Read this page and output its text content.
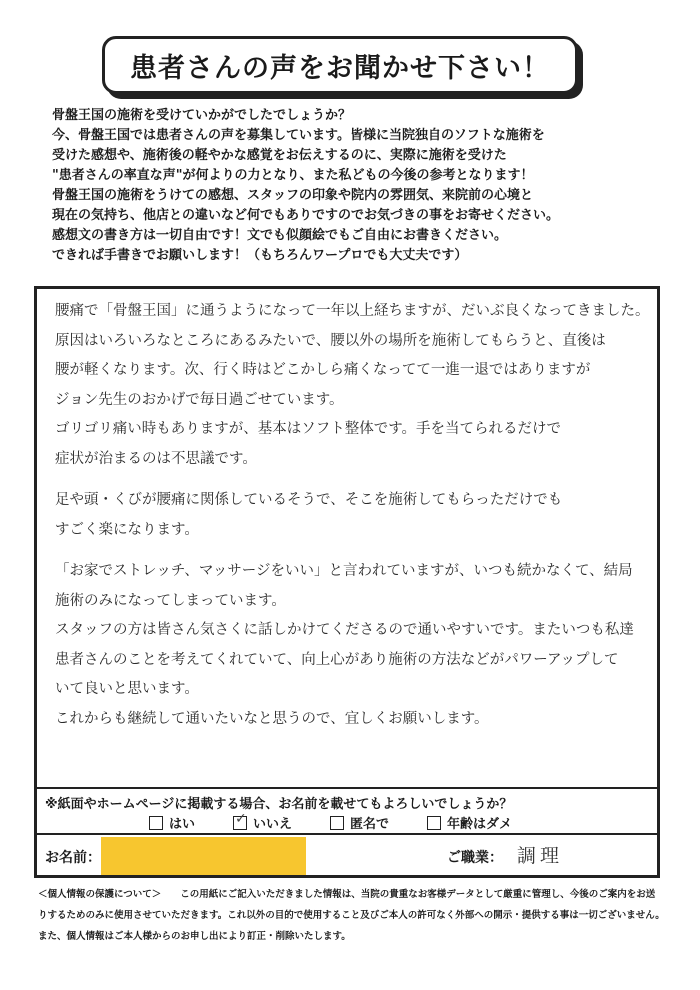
患者さんの声をお聞かせ下さい！
骨盤王国の施術を受けていかがでしたでしょうか？
今、骨盤王国では患者さんの声を募集しています。皆様に当院独自のソフトな施術を
受けた感想や、施術後の軽やかな感覚をお伝えするのに、実際に施術を受けた
"患者さんの率直な声"が何よりの力となり、また私どもの今後の参考となります！
骨盤王国の施術をうけての感想、スタッフの印象や院内の雰囲気、来院前の心境と
現在の気持ち、他店との違いなど何でもありですのでお気づきの事をお寄せください。
感想文の書き方は一切自由です！文でも似顔絵でもご自由にお書きください。
できれば手書きでお願いします！（もちろんワープロでも大丈夫です）
腰痛で「骨盤王国」に通うようになって一年以上経ちますが、だいぶ良くなってきました。
原因はいろいろなところにあるみたいで、腰以外の場所を施術してもらうと、直後は
腰が軽くなります。次、行く時はどこかしら痛くなってて一進一退ではありますが
ジョン先生のおかげで毎日過ごせています。
ゴリゴリ痛い時もありますが、基本はソフト整体です。手を当てられるだけで
症状が治まるのは不思議です。
足や頭・くびが腰痛に関係しているそうで、そこを施術してもらっただけでも
すごく楽になります。
「お家でストレッチ、マッサージをいい」と言われていますが、いつも続かなくて、結局
施術のみになってしまっています。
スタッフの方は皆さん気さくに話しかけてくださるので通いやすいです。またいつも私達
患者さんのことを考えてくれていて、向上心があり施術の方法などがパワーアップして
いて良いと思います。
これからも継続して通いたいなと思うので、宜しくお願いします。
※紙面やホームページに掲載する場合、お名前を載せてもよろしいでしょうか？
はい
✓	いいえ	匿名で	年齢はダメ
お名前：	ご職業： 調理
＜個人情報の保護について＞　　この用紙にご記入いただきました情報は、当院の貴重なお客様データとして厳重に管理し、今後のご案内をお送
りするためのみに使用させていただきます。これ以外の目的で使用すること及びご本人の許可なく外部への開示・提供する事は一切ございません。
また、個人情報はご本人様からのお申し出により訂正・削除いたします。
